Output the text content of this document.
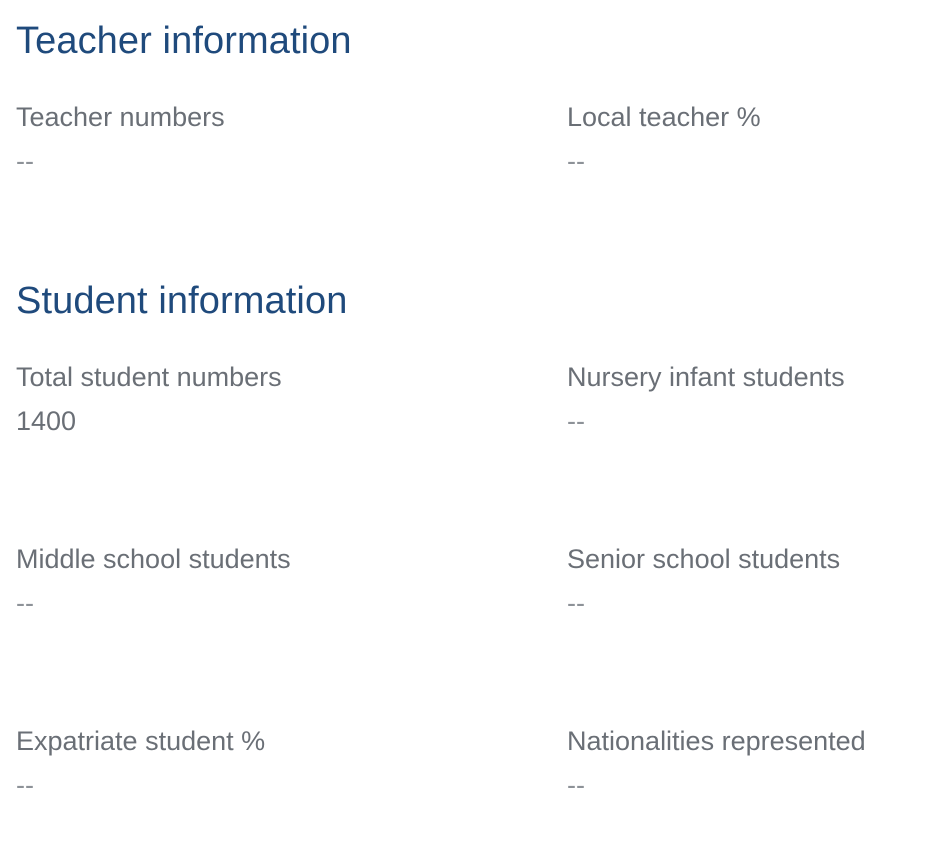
Teacher information
Teacher numbers
--
Local teacher %
--
Student information
Total student numbers
1400
Nursery infant students
--
Middle school students
--
Senior school students
--
Expatriate student %
--
Nationalities represented
--
